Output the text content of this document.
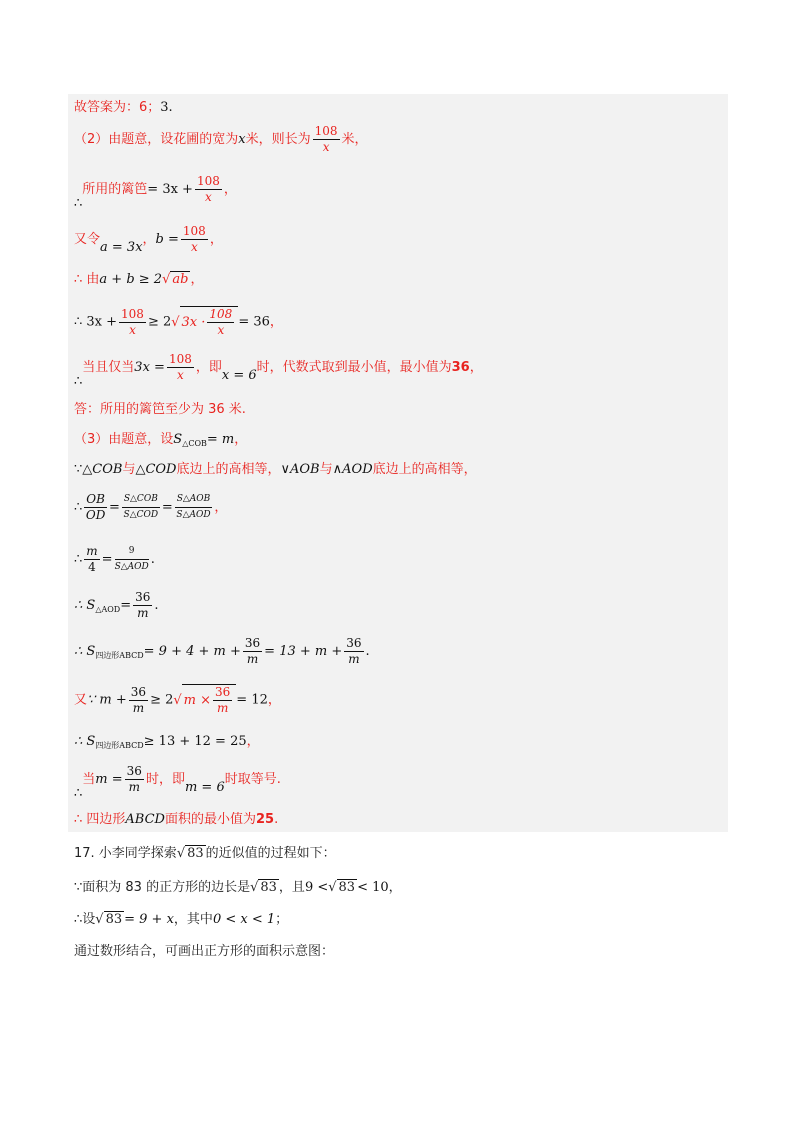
故答案为：6；3.
（2）由题意，设花圃的宽为x米，则长为 $\frac{108}{x}$ 米，
∴所用的篱笆= $3x + \frac{108}{x}$ ，
又令a = 3x，$b = \frac{108}{x}$ ，
∴ 由a + b ≥ 2√ ab ，
∴ $3x + \frac{108}{x} \ge 2√$ $3x \cdot \frac{108}{x} = 36$，
∴当且仅当$3x = \frac{108}{x}$ ，即x = 6时，代数式取到最小值，最小值为36，
答：所用的篱笆至少为 36 米.
（3）由题意，设$S_{\triangle COB}= m$，
∵△COB与△COD底边上的高相等，∨AOB与∧AOD底边上的高相等，
∴ $\frac{OB}{OD} = \frac{\text{S△COB}}{\text{S△COD}} = \frac{\text{S△AOB}}{\text{S△AOD}}$ ，
∴ $\frac{m}{4} = \frac{9}{\text{S△AOD}}$ .
∴ $S_{\triangle AOD}= \frac{36}{m}$ .
∴ $S_{四边形ABCD}= 9 + 4 + m + \frac{36}{m} = 13 + m + \frac{36}{m}$ .
又∵ $m + \frac{36}{m} \ge 2√$ $m \times \frac{36}{m} = 12$，
∴ $S_{四边形ABCD}\ge 13 + 12 = 25$，
∴当$m = \frac{36}{m}$ 时，即m = 6时取等号.
∴ 四边形ABCD面积的最小值为25.
17. 小李同学探索√ 83 的近似值的过程如下：
∵面积为 83 的正方形的边长是√ 83 ，且9 <√ 83 < 10，
∴设√ 83 = 9 + x，其中0 < x < 1；
通过数形结合，可画出正方形的面积示意图：
